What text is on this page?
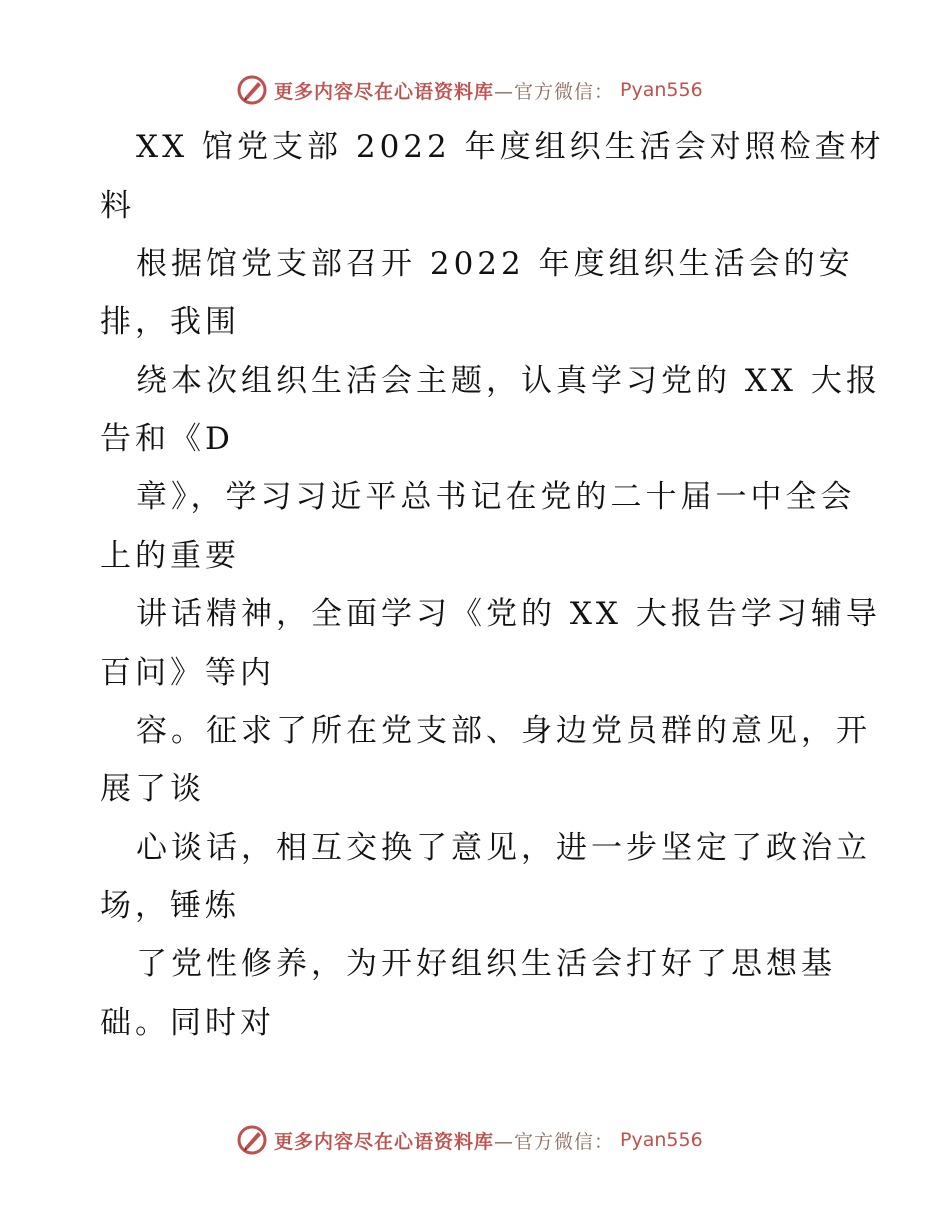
更多内容尽在心语资料库 —官方微信： Pyan556
XX 馆党支部 2022 年度组织生活会对照检查材
料
根据馆党支部召开 2022 年度组织生活会的安
排，我围
绕本次组织生活会主题，认真学习党的 XX 大报
告和《D
章》，学习习近平总书记在党的二十届一中全会
上的重要
讲话精神，全面学习《党的 XX 大报告学习辅导
百问》等内
容。征求了所在党支部、身边党员群的意见，开
展了谈
心谈话，相互交换了意见，进一步坚定了政治立
场，锤炼
了党性修养，为开好组织生活会打好了思想基
础。同时对
更多内容尽在心语资料库 —官方微信： Pyan556
